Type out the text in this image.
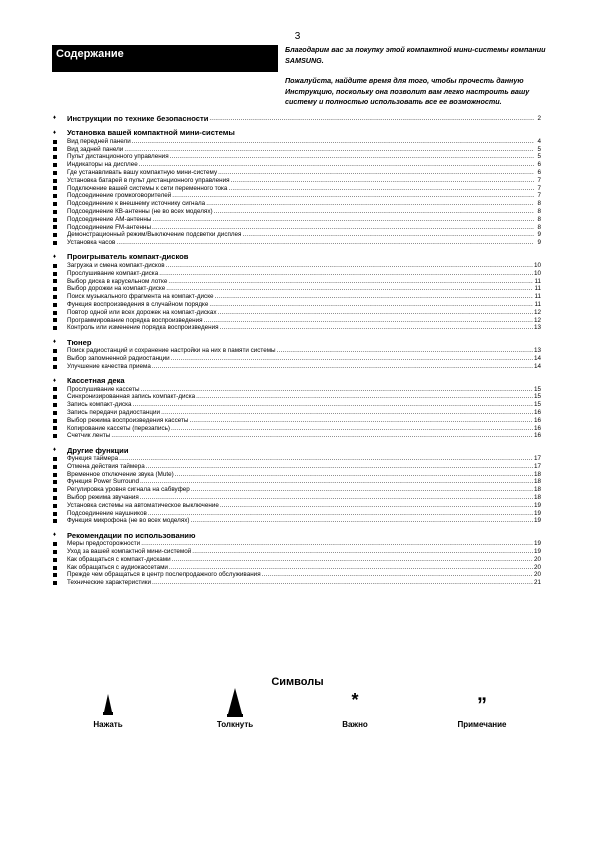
3
Содержание	Благодарим вас за покупку этой компактной мини-системы компании SAMSUNG.

Пожалуйста, найдите время для того, чтобы прочесть данную Инструкцию, поскольку она позволит вам легко настроить вашу систему и полностью использовать все ее возможности.

♦	Инструкции по технике безопасности .....	2
♦	Установка вашей компактной мини-системы
Вид передней панели .....	4
Вид задней панели .....	5
Пульт дистанционного управления .....	5
Индикаторы на дисплее .....	6
Где устанавливать вашу компактную мини-систему .....	6
Установка батарей в пульт дистанционного управления .....	7
Подключение вашей системы к сети переменного тока .....	7
Подсоединение громкоговорителей .....	7
Подсоединение к внешнему источнику сигнала .....	8
Подсоединение КВ-антенны (не во всех моделях) .....	8
Подсоединение АМ-антенны .....	8
Подсоединение FM-антенны .....	8
Демонстрационный режим/Выключение подсветки дисплея .....	9
Установка часов .....	9
♦	Проигрыватель компакт-дисков
Загрузка и смена компакт-дисков .....	10
Прослушивание компакт-диска .....	10
Выбор диска в карусельном лотке .....	11
Выбор дорожки на компакт-диске .....	11
Поиск музыкального фрагмента на компакт-диске .....	11
Функция воспроизведения в случайном порядке .....	11
Повтор одной или всех дорожек на компакт-дисках .....	12
Программирование порядка воспроизведения .....	12
Контроль или изменение порядка воспроизведения .....	13
♦	Тюнер
Поиск радиостанций и сохранение настройки на них в памяти системы .....	13
Выбор запомненной радиостанции .....	14
Улучшение качества приема .....	14
♦	Кассетная дека
Прослушивание кассеты .....	15
Синхронизированная запись компакт-диска .....	15
Запись компакт-диска .....	15
Запись передачи радиостанции .....	16
Выбор режима воспроизведения кассеты .....	16
Копирование кассеты (перезапись) .....	16
Счетчик ленты .....	16
♦	Другие функции
Функция таймера .....	17
Отмена действия таймера .....	17
Временное отключение звука (Mute) .....	18
Функция Power Surround .....	18
Регулировка уровня сигнала на сабвуфер .....	18
Выбор режима звучания .....	18
Установка системы на автоматическое выключение .....	19
Подсоединение наушников .....	19
Функция микрофона (не во всех моделях) .....	19
♦	Рекомендации по использованию
Меры предосторожности .....	19
Уход за вашей компактной мини-системой .....	19
Как обращаться с компакт-дисками .....	20
Как обращаться с аудиокассетами .....	20
Прежде чем обращаться в центр послепродажного обслуживания .....	20
Технические характеристики .....	21
Символы
Нажать	Толкнуть
*
Важно
„
Примечание
